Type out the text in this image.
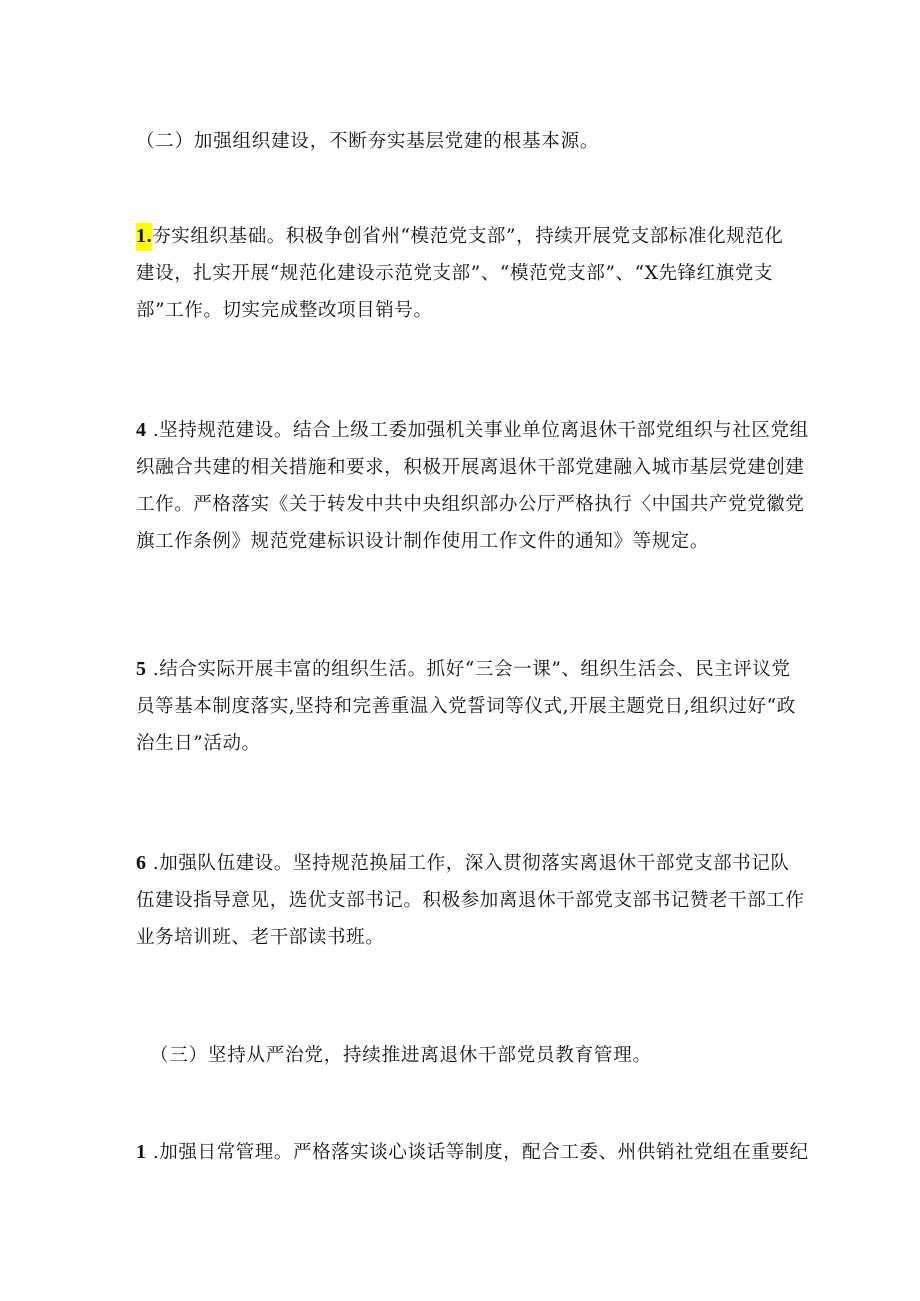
（二）加强组织建设，不断夯实基层党建的根基本源。

1.夯实组织基础。积极争创省州“模范党支部”，持续开展党支部标准化规范化
建设，扎实开展“规范化建设示范党支部”、“模范党支部”、“X先锋红旗党支
部”工作。切实完成整改项目销号。

4 .坚持规范建设。结合上级工委加强机关事业单位离退休干部党组织与社区党组
织融合共建的相关措施和要求，积极开展离退休干部党建融入城市基层党建创建
工作。严格落实《关于转发中共中央组织部办公厅严格执行〈中国共产党党徽党
旗工作条例》规范党建标识设计制作使用工作文件的通知》等规定。

5 .结合实际开展丰富的组织生活。抓好“三会一课”、组织生活会、民主评议党
员等基本制度落实,坚持和完善重温入党誓词等仪式,开展主题党日,组织过好“政
治生日”活动。

6 .加强队伍建设。坚持规范换届工作，深入贯彻落实离退休干部党支部书记队
伍建设指导意见，选优支部书记。积极参加离退休干部党支部书记赞老干部工作
业务培训班、老干部读书班。

（三）坚持从严治党，持续推进离退休干部党员教育管理。

1 .加强日常管理。严格落实谈心谈话等制度，配合工委、州供销社党组在重要纪
